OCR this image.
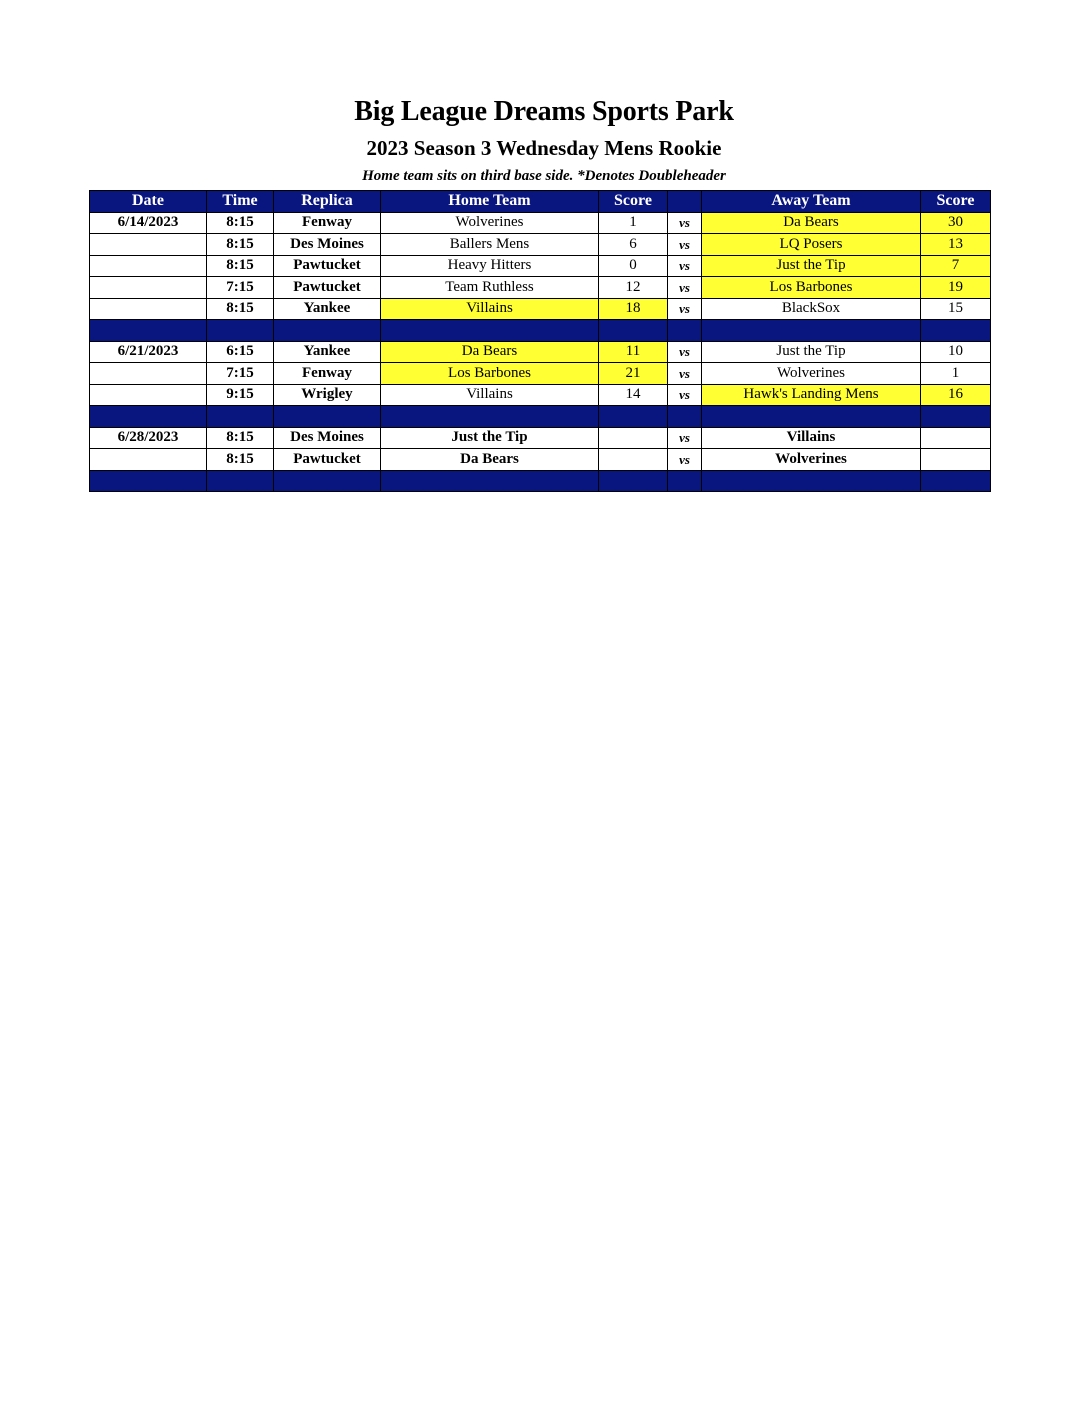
Big League Dreams Sports Park
2023 Season 3 Wednesday Mens Rookie
Home team sits on third base side. *Denotes Doubleheader
Date	Time	Replica	Home Team	Score		Away Team	Score
6/14/2023	8:15	Fenway	Wolverines	1	vs	Da Bears	30
	8:15	Des Moines	Ballers Mens	6	vs	LQ Posers	13
	8:15	Pawtucket	Heavy Hitters	0	vs	Just the Tip	7
	7:15	Pawtucket	Team Ruthless	12	vs	Los Barbones	19
	8:15	Yankee	Villains	18	vs	BlackSox	15

6/21/2023	6:15	Yankee	Da Bears	11	vs	Just the Tip	10
	7:15	Fenway	Los Barbones	21	vs	Wolverines	1
	9:15	Wrigley	Villains	14	vs	Hawk's Landing Mens	16

6/28/2023	8:15	Des Moines	Just the Tip		vs	Villains	
	8:15	Pawtucket	Da Bears		vs	Wolverines	
